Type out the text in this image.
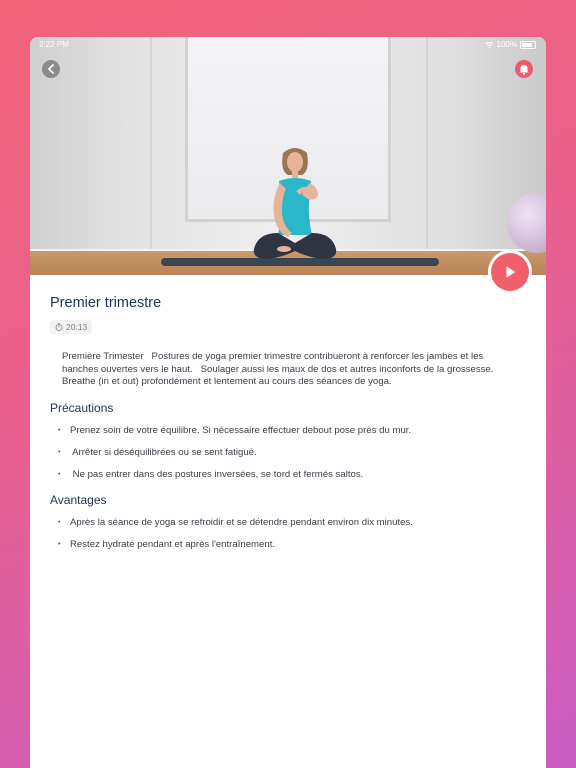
2:22 PM	100%
Premier trimestre
20:13

Première Trimester   Postures de yoga premier trimestre contribueront à renforcer les jambes et les
hanches ouvertes vers le haut.   Soulager aussi les maux de dos et autres inconforts de la grossesse.
Breathe (in et out) profondément et lentement au cours des séances de yoga.

Précautions
• Prenez soin de votre équilibre. Si nécessaire effectuer debout pose près du mur.
•  Arrêter si déséquilibrées ou se sent fatigué.
•  Ne pas entrer dans des postures inversées, se tord et fermés saltos.
Avantages
• Après la séance de yoga se refroidir et se détendre pendant environ dix minutes.
• Restez hydraté pendant et après l'entraînement.
